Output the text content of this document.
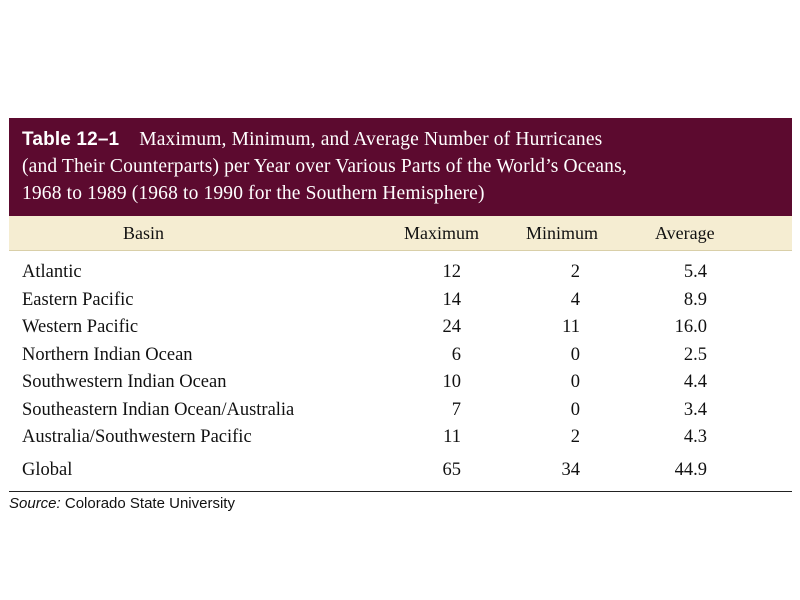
Table 12–1 Maximum, Minimum, and Average Number of Hurricanes
(and Their Counterparts) per Year over Various Parts of the World’s Oceans,
1968 to 1989 (1968 to 1990 for the Southern Hemisphere)
Basin	Maximum	Minimum	Average
Atlantic	12	2	5.4
Eastern Pacific	14	4	8.9
Western Pacific	24	11	16.0
Northern Indian Ocean	6	0	2.5
Southwestern Indian Ocean	10	0	4.4
Southeastern Indian Ocean/Australia	7	0	3.4
Australia/Southwestern Pacific	11	2	4.3
Global	65	34	44.9
Source: Colorado State University
